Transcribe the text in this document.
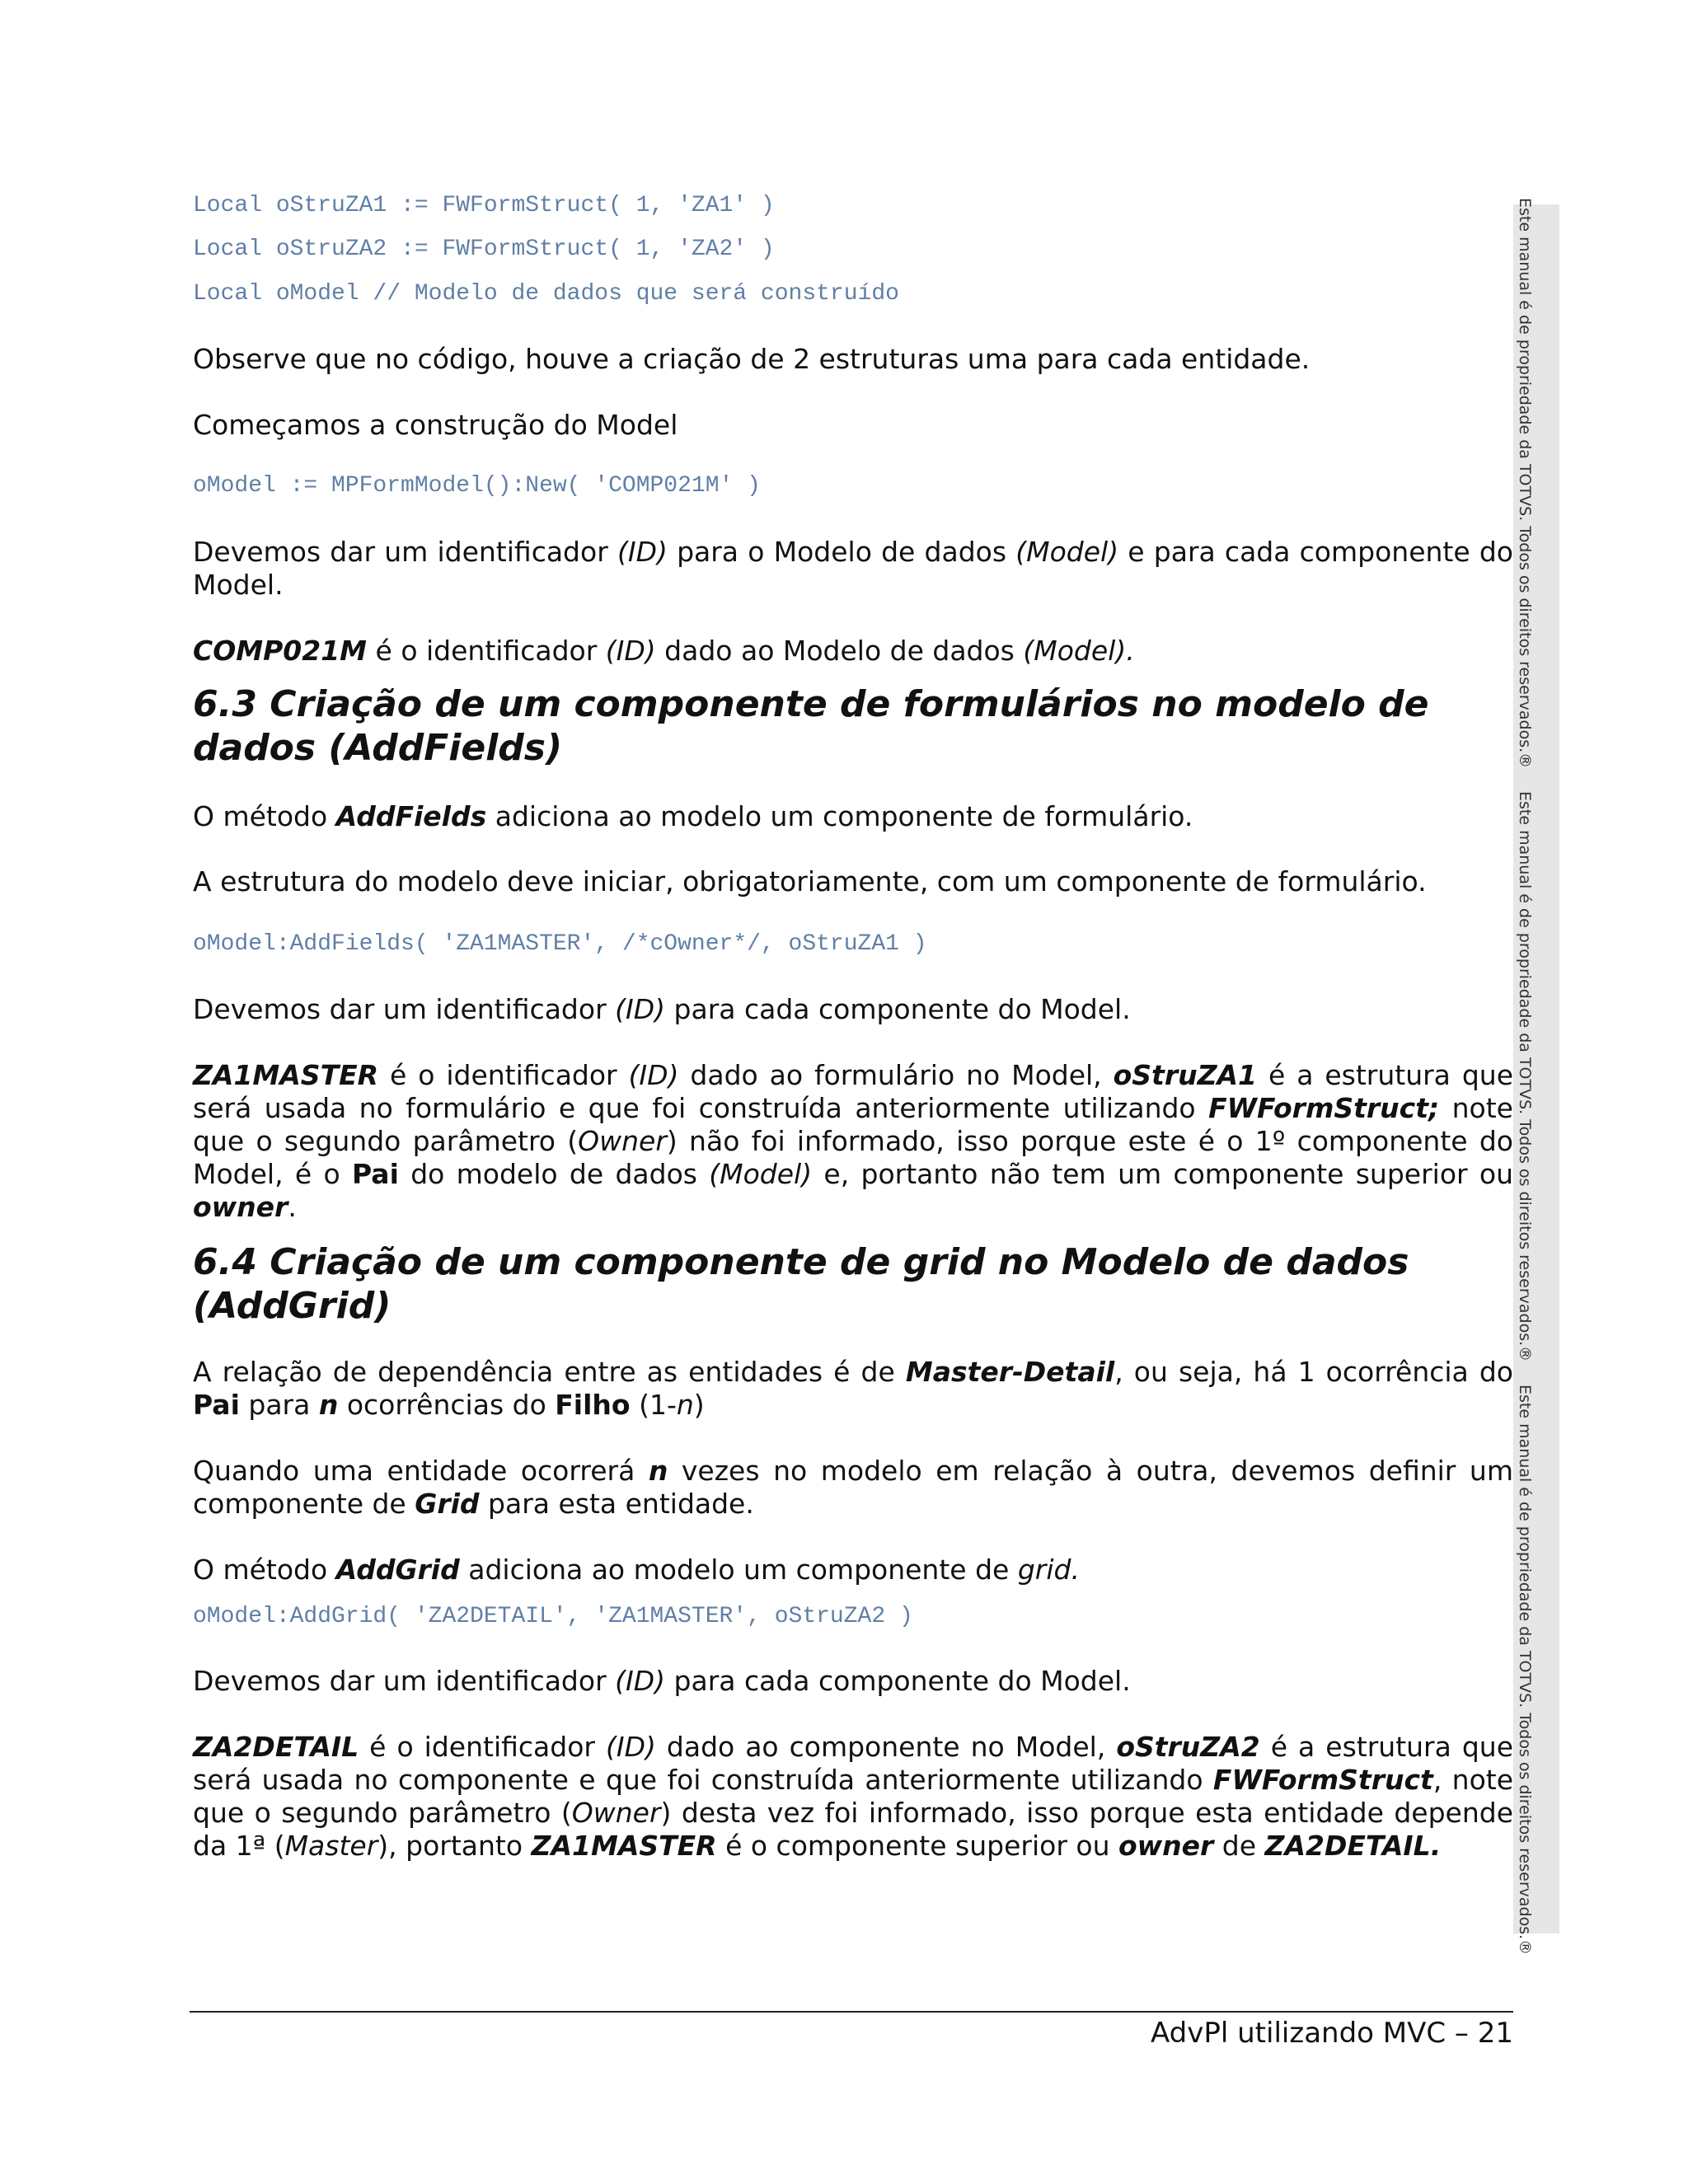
Local oStruZA1 := FWFormStruct( 1, 'ZA1' )
Local oStruZA2 := FWFormStruct( 1, 'ZA2' )
Local oModel // Modelo de dados que será construído

Observe que no código, houve a criação de 2 estruturas uma para cada entidade.

Começamos a construção do Model

oModel := MPFormModel():New( 'COMP021M' )

Devemos dar um identificador (ID) para o Modelo de dados (Model) e para cada componente do Model.

COMP021M é o identificador (ID) dado ao Modelo de dados (Model).

6.3 Criação de um componente de formulários no modelo de dados (AddFields)

O método AddFields adiciona ao modelo um componente de formulário.

A estrutura do modelo deve iniciar, obrigatoriamente, com um componente de formulário.

oModel:AddFields( 'ZA1MASTER', /*cOwner*/, oStruZA1 )

Devemos dar um identificador (ID) para cada componente do Model.

ZA1MASTER é o identificador (ID) dado ao formulário no Model, oStruZA1 é a estrutura que será usada no formulário e que foi construída anteriormente utilizando FWFormStruct; note que o segundo parâmetro (Owner) não foi informado, isso porque este é o 1º componente do Model, é o Pai do modelo de dados (Model) e, portanto não tem um componente superior ou owner.

6.4 Criação de um componente de grid no Modelo de dados (AddGrid)

A relação de dependência entre as entidades é de Master-Detail, ou seja, há 1 ocorrência do Pai para n ocorrências do Filho (1-n)

Quando uma entidade ocorrerá n vezes no modelo em relação à outra, devemos definir um componente de Grid para esta entidade.

O método AddGrid adiciona ao modelo um componente de grid.

oModel:AddGrid( 'ZA2DETAIL', 'ZA1MASTER', oStruZA2 )

Devemos dar um identificador (ID) para cada componente do Model.

ZA2DETAIL é o identificador (ID) dado ao componente no Model, oStruZA2 é a estrutura que será usada no componente e que foi construída anteriormente utilizando FWFormStruct, note que o segundo parâmetro (Owner) desta vez foi informado, isso porque esta entidade depende da 1ª (Master), portanto ZA1MASTER é o componente superior ou owner de ZA2DETAIL.

Este manual é de propriedade da TOTVS. Todos os direitos reservados.®
Este manual é de propriedade da TOTVS. Todos os direitos reservados.®
Este manual é de propriedade da TOTVS. Todos os direitos reservados.®
AdvPl utilizando MVC – 21
